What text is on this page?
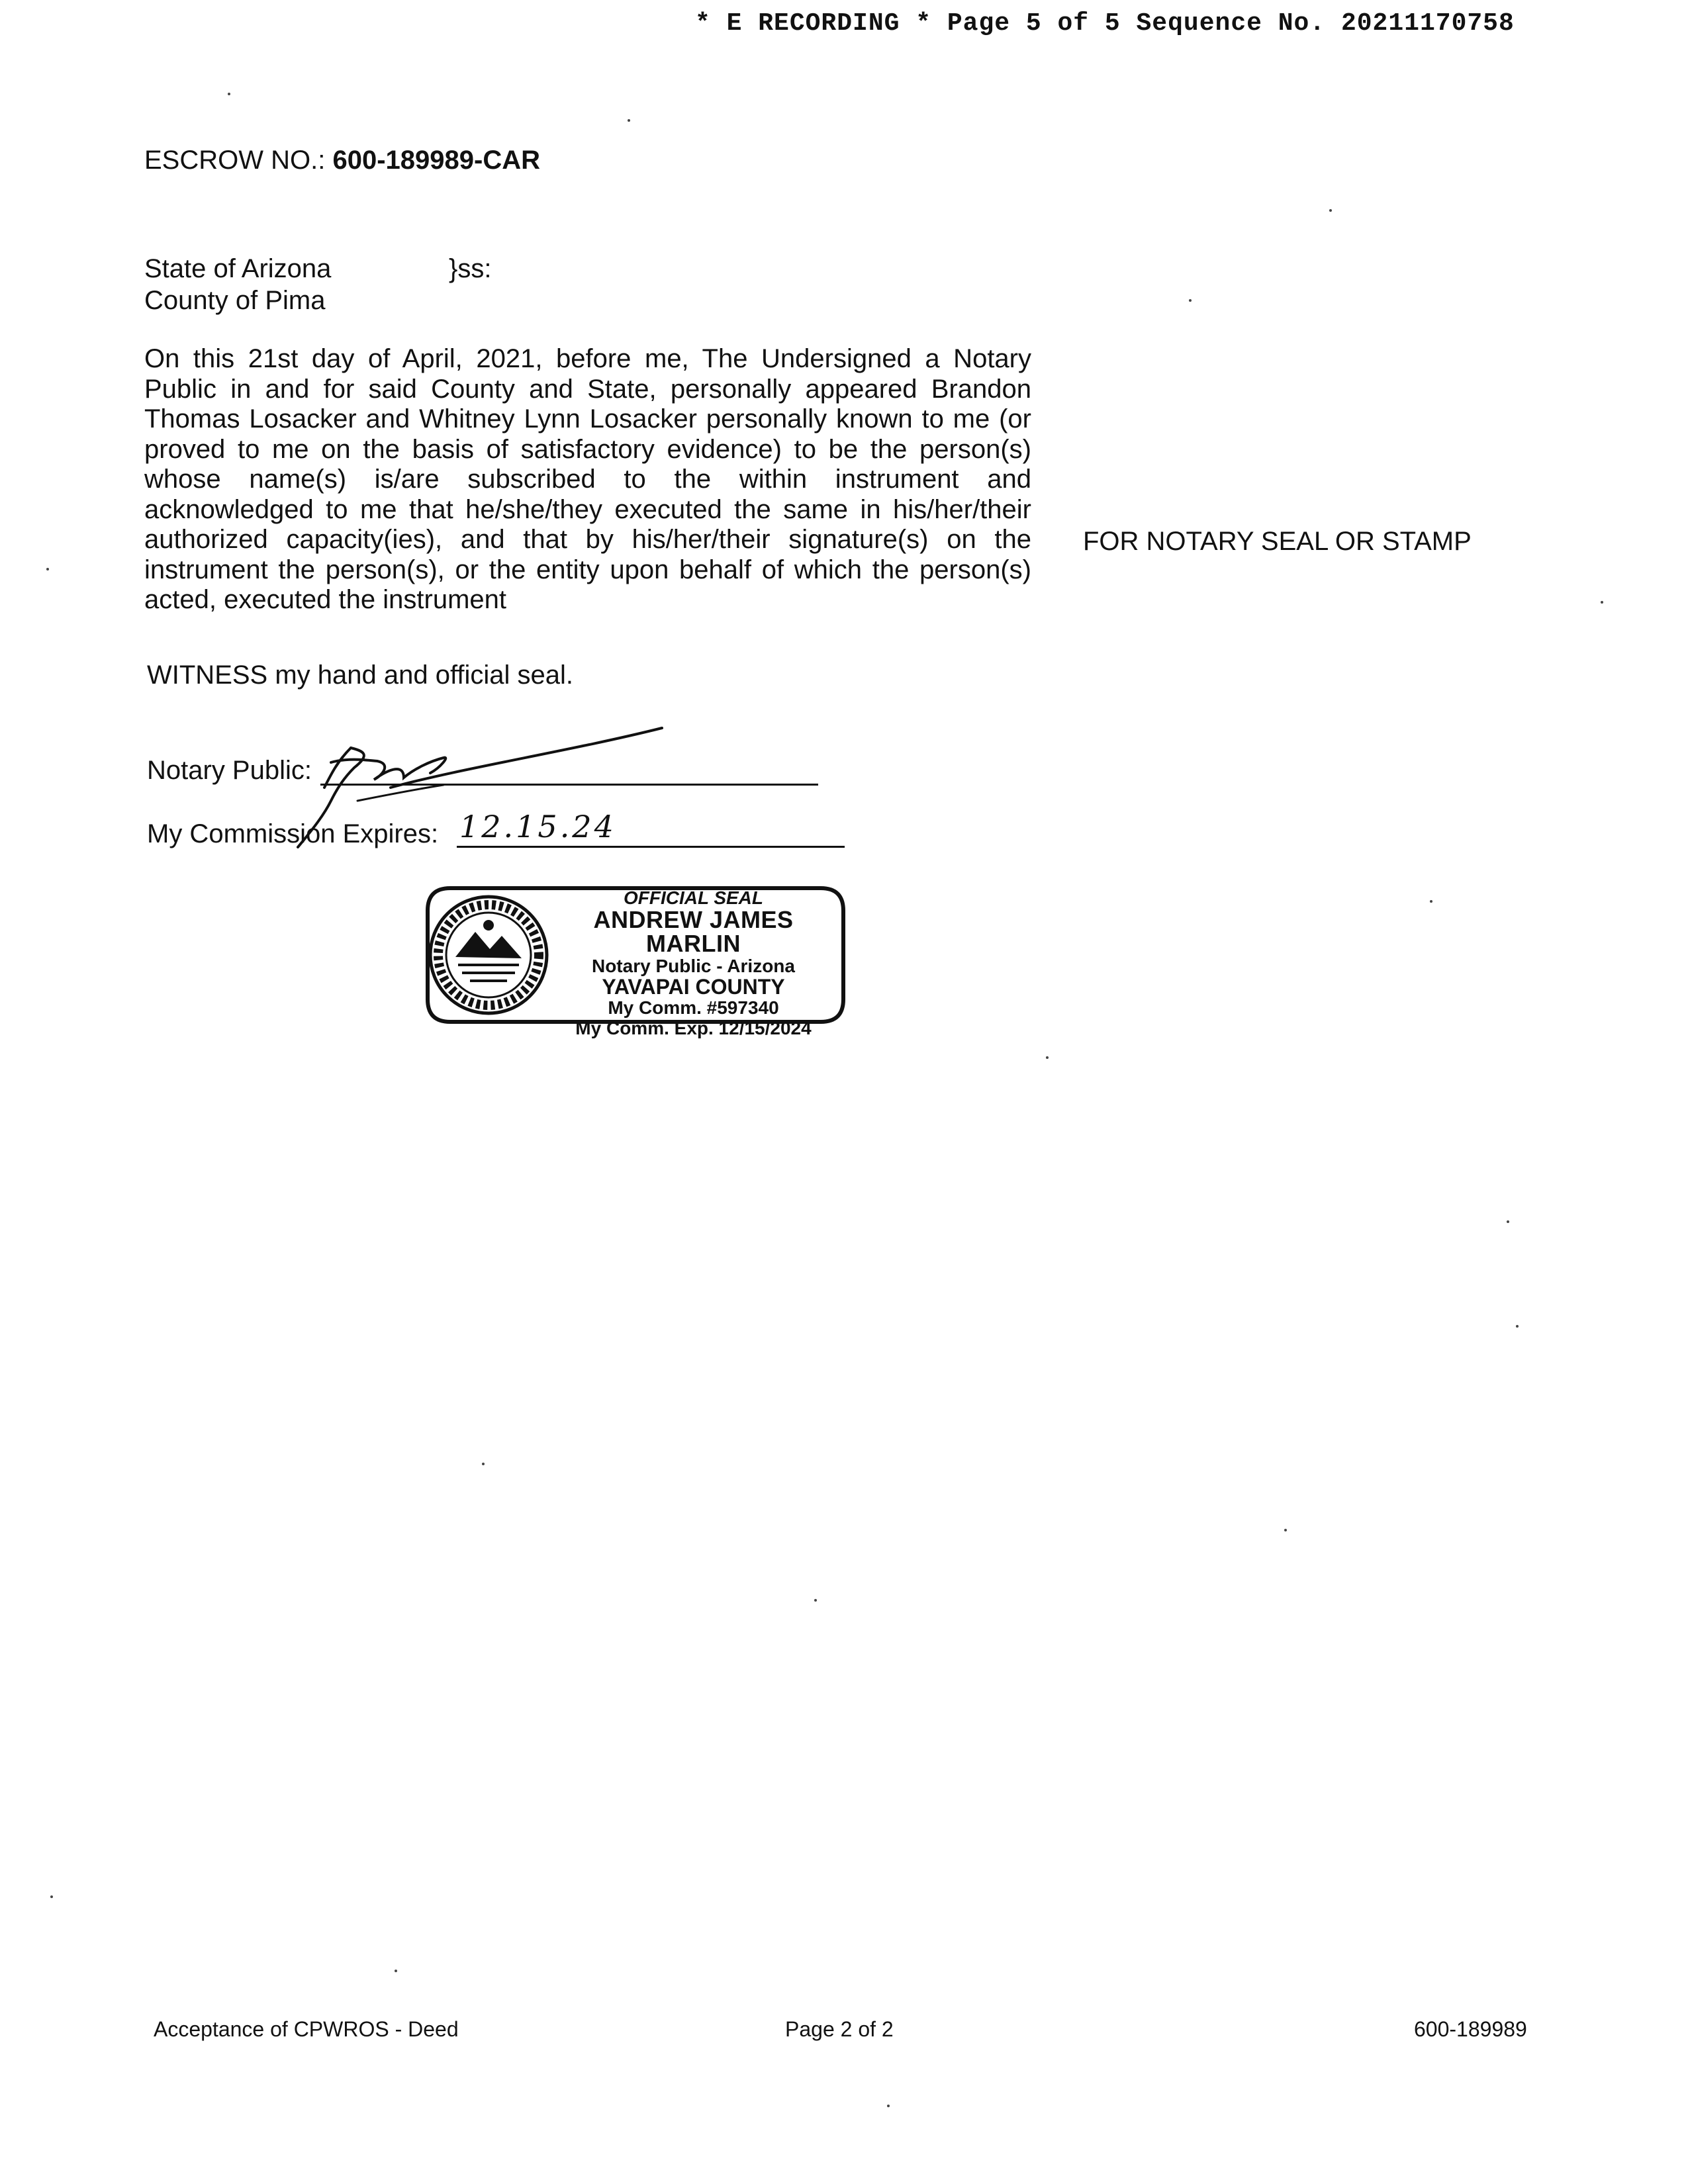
* E RECORDING * Page 5 of 5 Sequence No. 20211170758
ESCROW NO.: 600-189989-CAR
State of Arizona	}ss:
County of Pima
On this 21st day of April, 2021, before me, The Undersigned a Notary Public in and for said County and State, personally appeared Brandon Thomas Losacker and Whitney Lynn Losacker personally known to me (or proved to me on the basis of satisfactory evidence) to be the person(s) whose name(s) is/are subscribed to the within instrument and acknowledged to me that he/she/they executed the same in his/her/their authorized capacity(ies), and that by his/her/their signature(s) on the instrument the person(s), or the entity upon behalf of which the person(s) acted, executed the instrument
FOR NOTARY SEAL OR STAMP
WITNESS my hand and official seal.
Notary Public:
My Commission Expires: 12.15.24
OFFICIAL SEAL
ANDREW JAMES MARLIN
Notary Public - Arizona
YAVAPAI COUNTY
My Comm. #597340
My Comm. Exp. 12/15/2024
Acceptance of CPWROS - Deed	Page 2 of 2	600-189989
